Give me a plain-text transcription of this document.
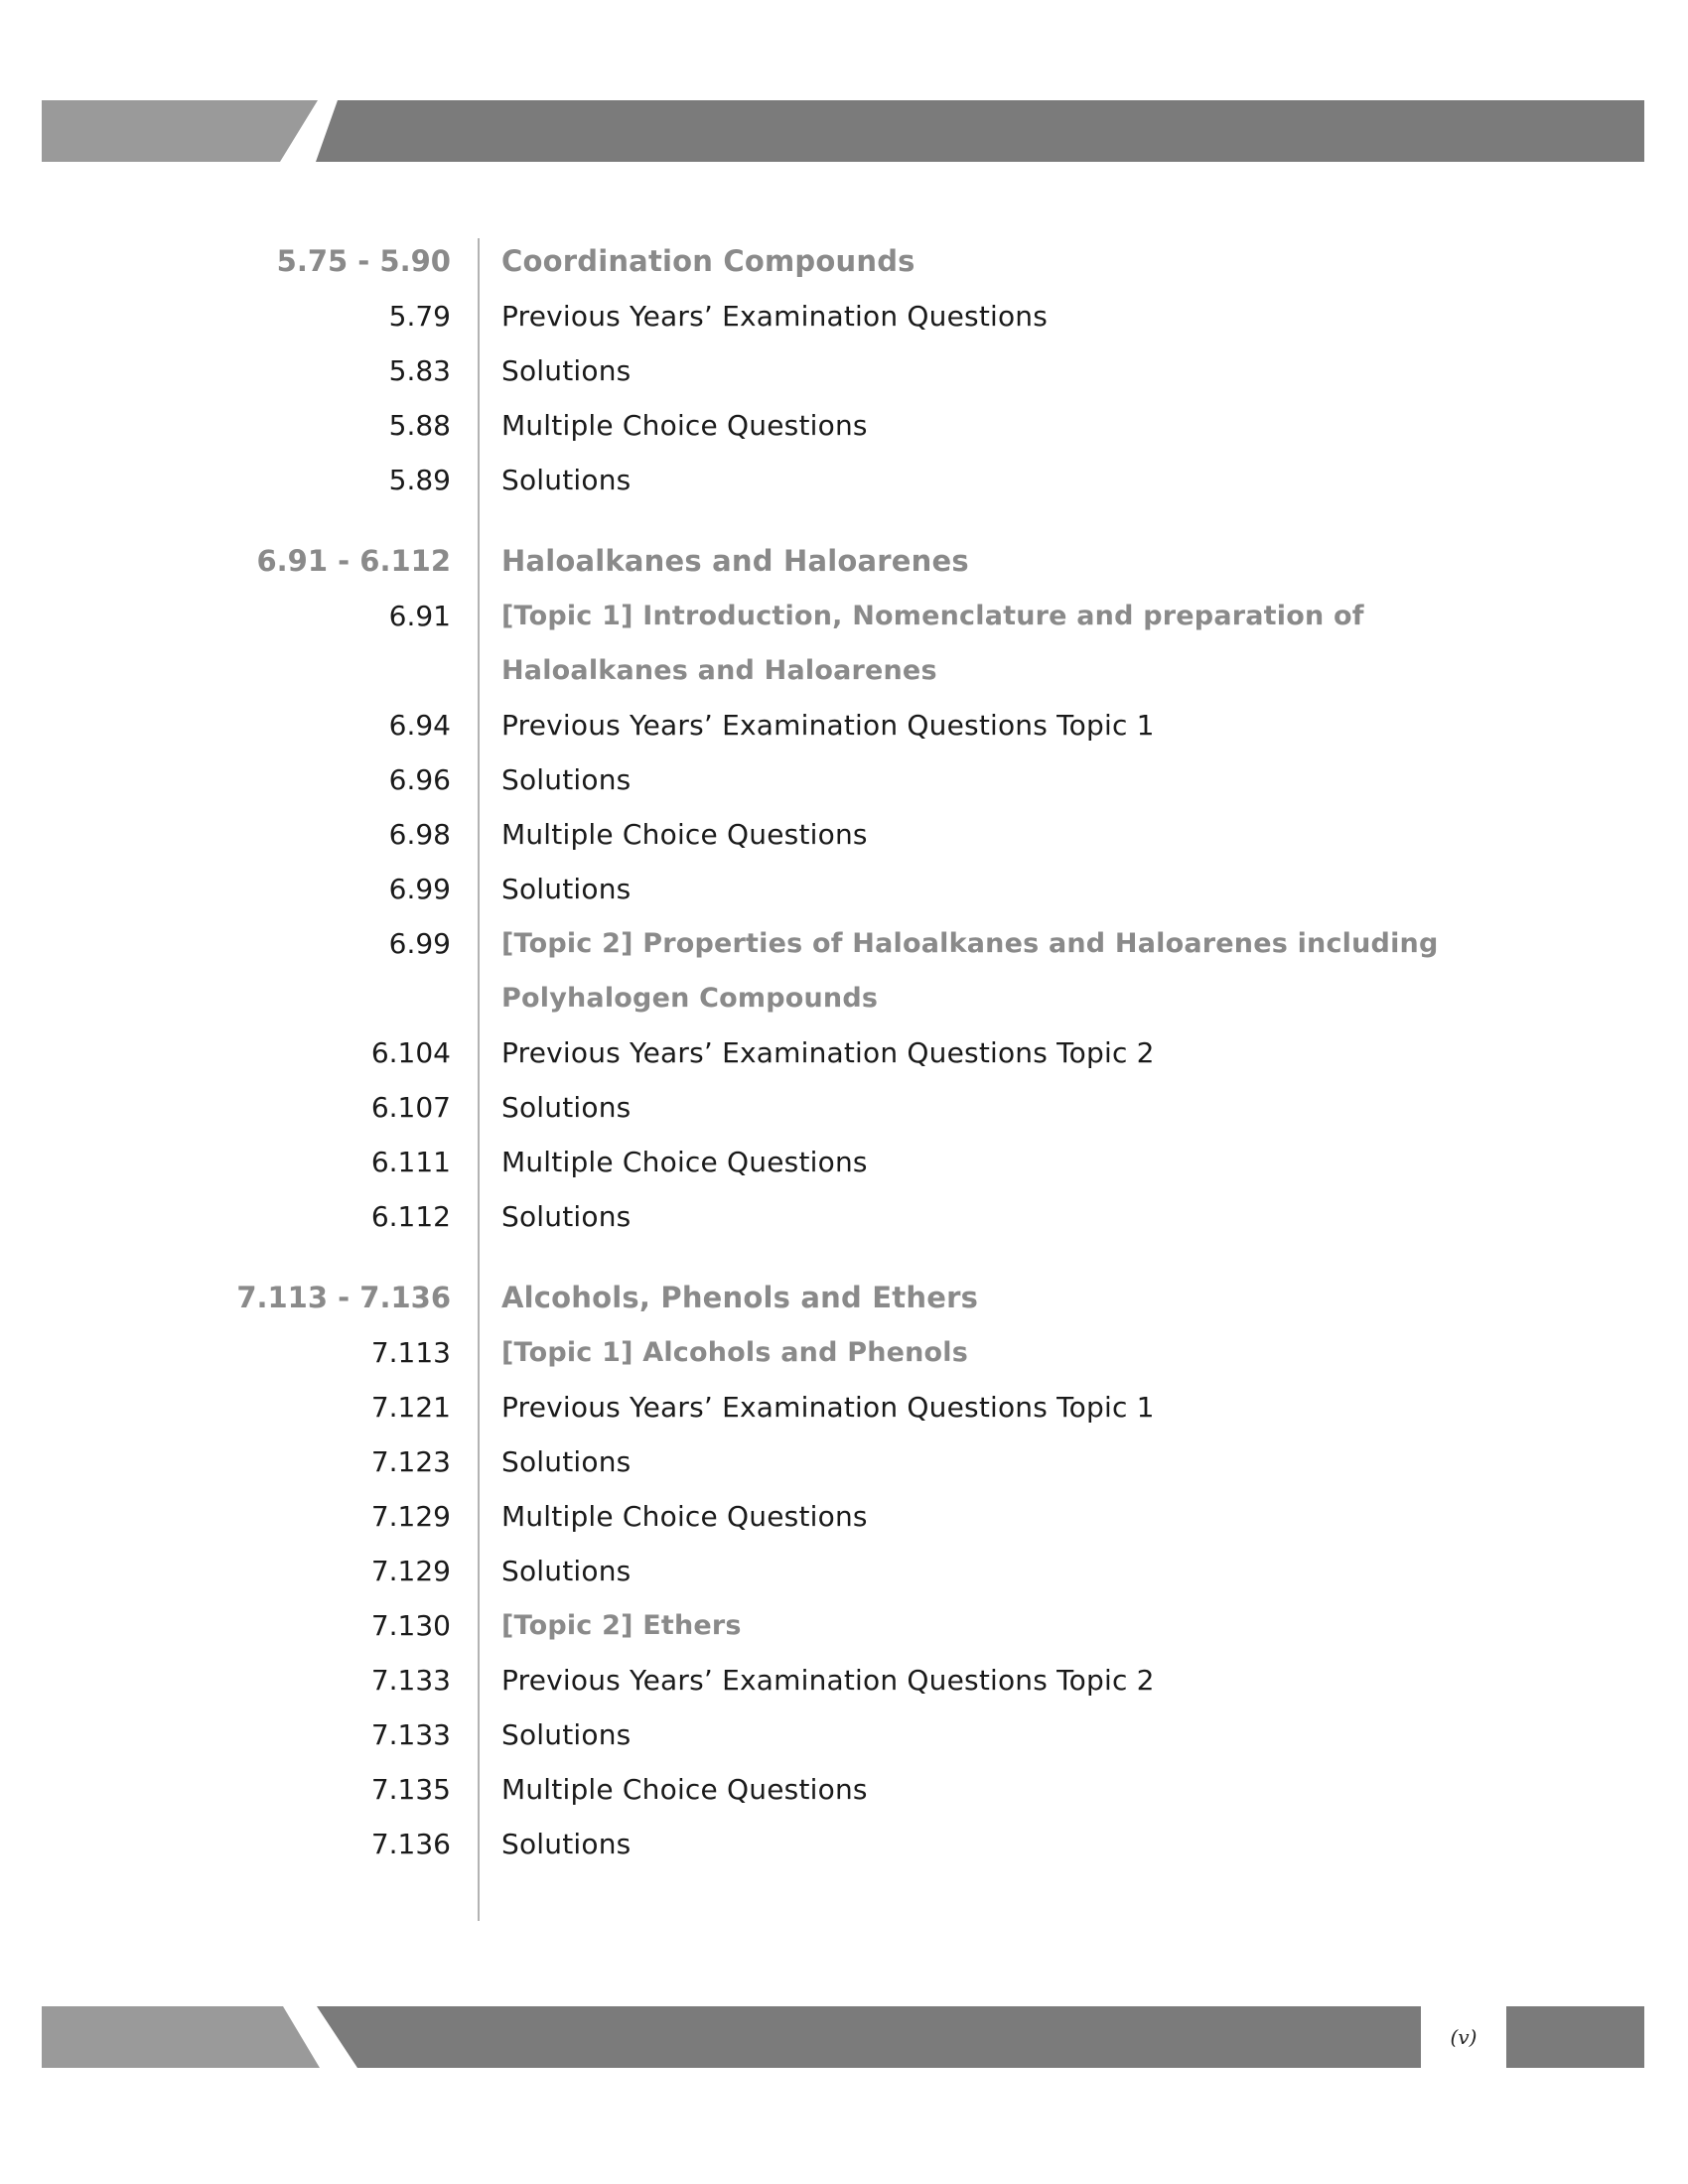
5.75 - 5.90 Coordination Compounds
5.79 Previous Years’ Examination Questions
5.83 Solutions
5.88 Multiple Choice Questions
5.89 Solutions
6.91 - 6.112 Haloalkanes and Haloarenes
6.91 [Topic 1] Introduction, Nomenclature and preparation of
Haloalkanes and Haloarenes
6.94 Previous Years’ Examination Questions Topic 1
6.96 Solutions
6.98 Multiple Choice Questions
6.99 Solutions
6.99 [Topic 2] Properties of Haloalkanes and Haloarenes including
Polyhalogen Compounds
6.104 Previous Years’ Examination Questions Topic 2
6.107 Solutions
6.111 Multiple Choice Questions
6.112 Solutions
7.113 - 7.136 Alcohols, Phenols and Ethers
7.113 [Topic 1] Alcohols and Phenols
7.121 Previous Years’ Examination Questions Topic 1
7.123 Solutions
7.129 Multiple Choice Questions
7.129 Solutions
7.130 [Topic 2] Ethers
7.133 Previous Years’ Examination Questions Topic 2
7.133 Solutions
7.135 Multiple Choice Questions
7.136 Solutions
(v)
